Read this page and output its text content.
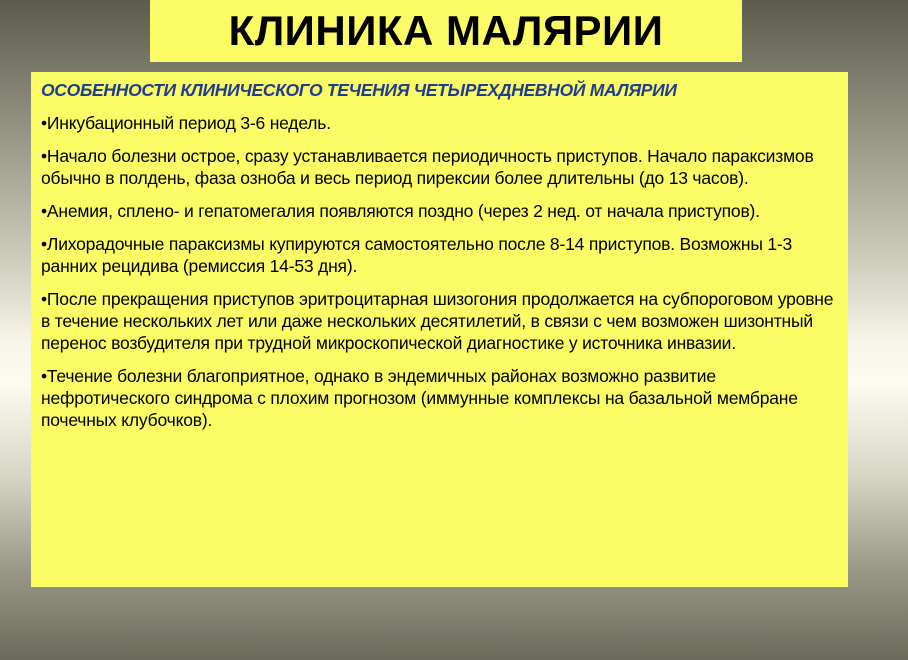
КЛИНИКА МАЛЯРИИ
ОСОБЕННОСТИ КЛИНИЧЕСКОГО ТЕЧЕНИЯ ЧЕТЫРЕХДНЕВНОЙ МАЛЯРИИ

•Инкубационный период 3-6 недель.

•Начало болезни острое, сразу устанавливается периодичность приступов. Начало параксизмов обычно в полдень, фаза озноба и весь период пирексии более длительны (до 13 часов).

•Анемия, сплено- и гепатомегалия появляются поздно (через 2 нед. от начала приступов).

•Лихорадочные параксизмы купируются самостоятельно после 8-14 приступов. Возможны 1-3 ранних рецидива (ремиссия 14-53 дня).

•После прекращения приступов эритроцитарная шизогония продолжается на субпороговом уровне в течение нескольких лет или даже нескольких десятилетий, в связи с чем возможен шизонтный перенос возбудителя при трудной микроскопической диагностике у источника инвазии.

•Течение болезни благоприятное, однако в эндемичных районах возможно развитие нефротического синдрома с плохим прогнозом (иммунные комплексы на базальной мембране почечных клубочков).
